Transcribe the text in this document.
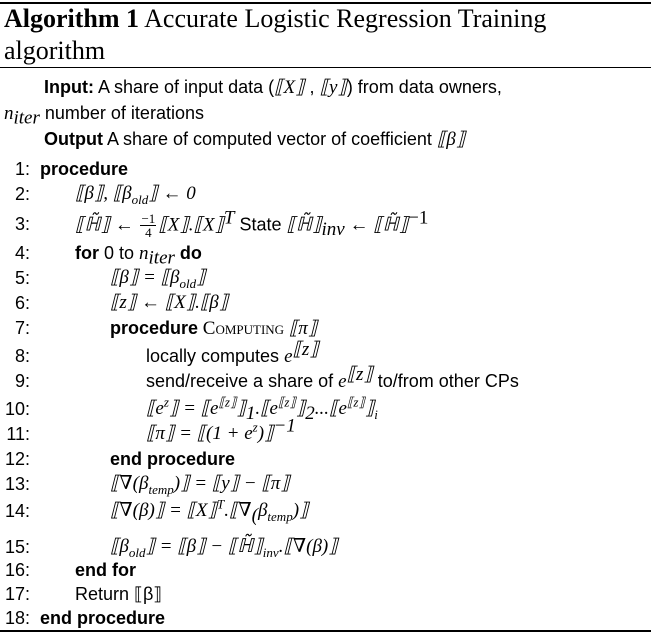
Algorithm 1 Accurate Logistic Regression Training algorithm
Input: A share of input data (⟦X⟧ , ⟦y⟧) from data owners,
$n_{iter}$ number of iterations
Output A share of computed vector of coefficient ⟦β⟧
1: procedure
2: ⟦β⟧, $⟦\beta_{old}⟧$ ← 0
3: ⟦ℍ̃⟧ ← $\frac{-1}{4}$ ⟦X⟧.⟦X⟧$^T$ State $⟦ℍ̃⟧_{inv}$ ← ⟦ℍ̃⟧$^{-1}$
4:	for 0 to $n_{iter}$ do
5:	⟦β⟧ = $⟦\beta_{old}⟧$
6:	⟦z⟧ ← ⟦X⟧.⟦β⟧
7:	procedure Computing ⟦π⟧
8:	locally computes $e^{⟦z⟧}$
9:	send/receive a share of $e^{⟦z⟧}$ to/from other CPs
10:	$⟦e^z⟧$ = $⟦e^{⟦z⟧}⟧_1.⟦e^{⟦z⟧}⟧_2...⟦e^{⟦z⟧}⟧_i$
11:	⟦π⟧ = ⟦(1 + $e^z)⟧^{-1}$
12:	end procedure
13:	$⟦\nabla(\beta_{temp})⟧$ = ⟦y⟧ − ⟦π⟧
14:	⟦∇(β)⟧ = $⟦X⟧^T.⟦\nabla_(\beta_{temp})⟧$
15:	$⟦\beta_{old}⟧$ = ⟦β⟧ − $⟦ℍ̃⟧_{inv}.⟦\nabla(\beta)⟧$
16:	end for
17:	Return ⟦β⟧
18: end procedure
